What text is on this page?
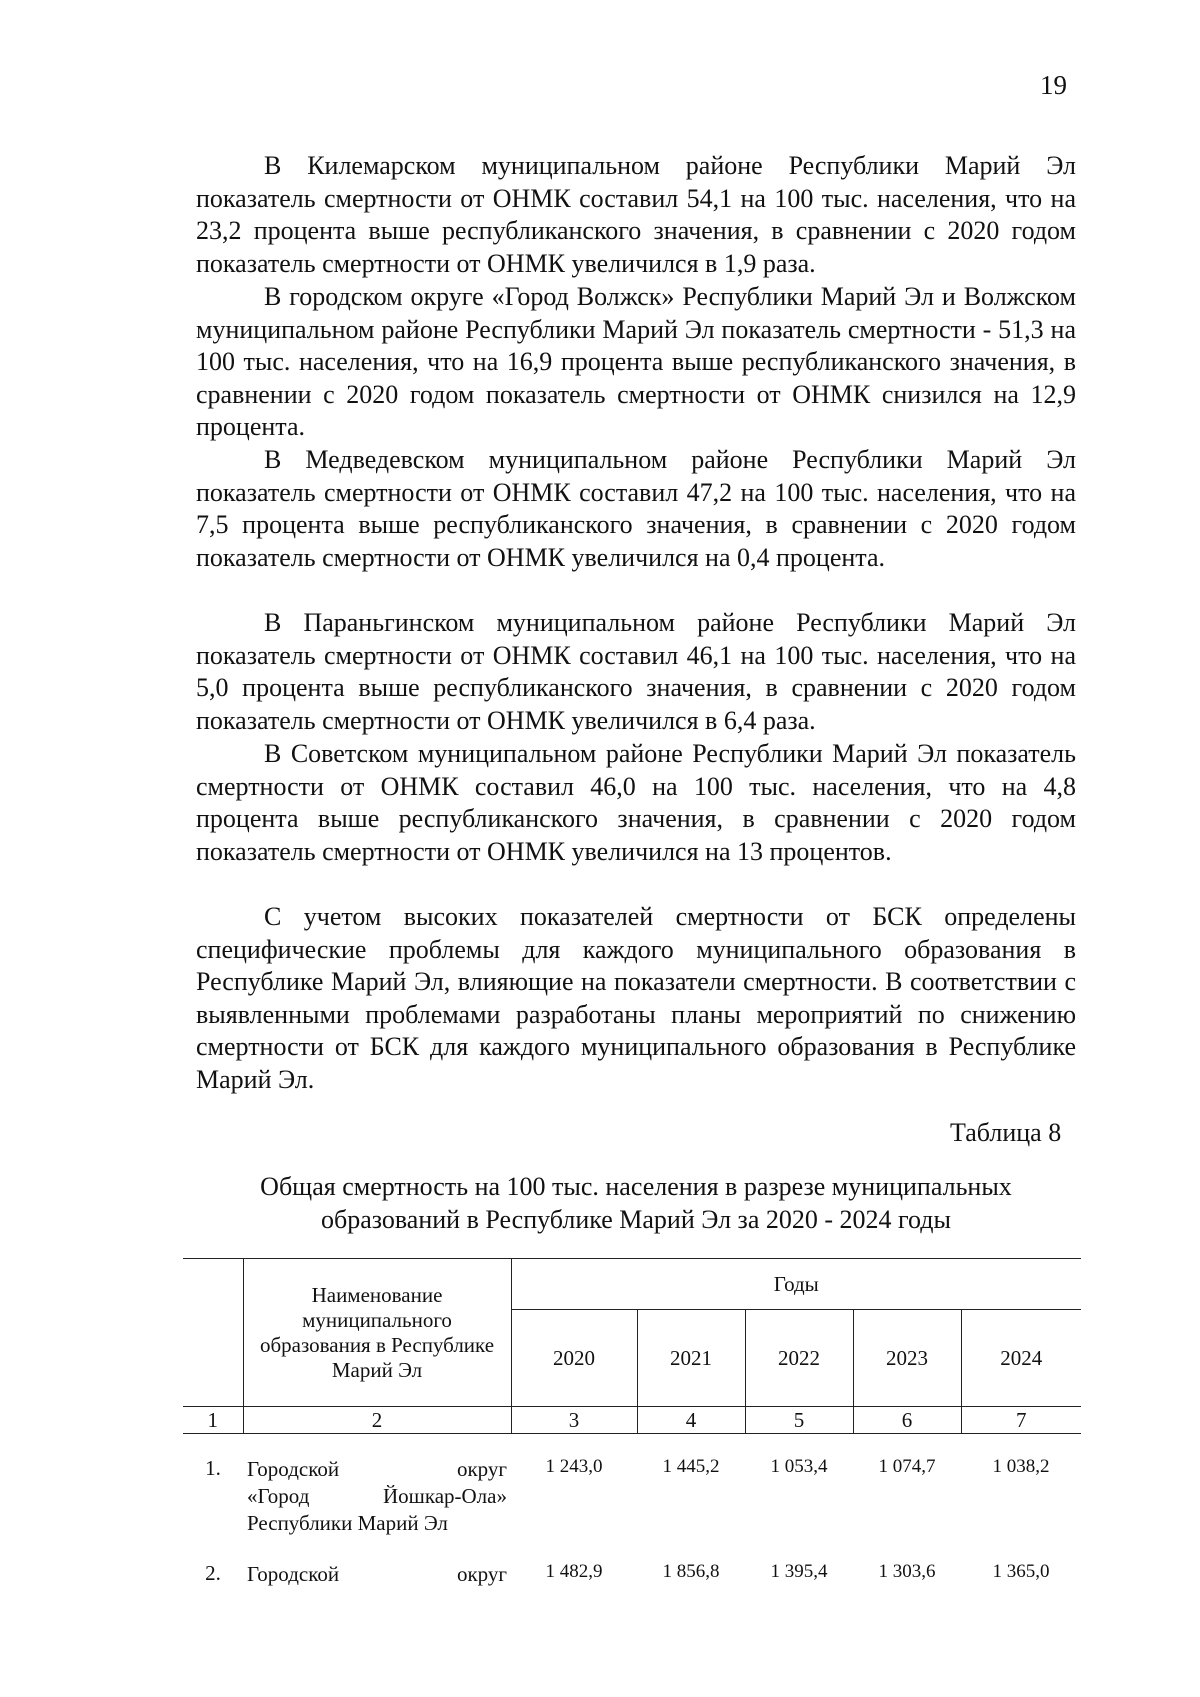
19

В Килемарском муниципальном районе Республики Марий Эл показатель смертности от ОНМК составил 54,1 на 100 тыс. населения, что на 23,2 процента выше республиканского значения, в сравнении с 2020 годом показатель смертности от ОНМК увеличился в 1,9 раза.

В городском округе «Город Волжск» Республики Марий Эл и Волжском муниципальном районе Республики Марий Эл показатель смертности - 51,3 на 100 тыс. населения, что на 16,9 процента выше республиканского значения, в сравнении с 2020 годом показатель смертности от ОНМК снизился на 12,9 процента.

В Медведевском муниципальном районе Республики Марий Эл показатель смертности от ОНМК составил 47,2 на 100 тыс. населения, что на 7,5 процента выше республиканского значения, в сравнении с 2020 годом показатель смертности от ОНМК увеличился на 0,4 процента.

В Параньгинском муниципальном районе Республики Марий Эл показатель смертности от ОНМК составил 46,1 на 100 тыс. населения, что на 5,0 процента выше республиканского значения, в сравнении с 2020 годом показатель смертности от ОНМК увеличился в 6,4 раза.

В Советском муниципальном районе Республики Марий Эл показатель смертности от ОНМК составил 46,0 на 100 тыс. населения, что на 4,8 процента выше республиканского значения, в сравнении с 2020 годом показатель смертности от ОНМК увеличился на 13 процентов.

С учетом высоких показателей смертности от БСК определены специфические проблемы для каждого муниципального образования в Республике Марий Эл, влияющие на показатели смертности. В соответствии с выявленными проблемами разработаны планы мероприятий по снижению смертности от БСК для каждого муниципального образования в Республике Марий Эл.

Таблица 8

Общая смертность на 100 тыс. населения в разрезе муниципальных образований в Республике Марий Эл за 2020 - 2024 годы

	Наименование муниципального образования в Республике Марий Эл	Годы				
		2020	2021	2022	2023	2024
1	2	3	4	5	6	7

1.	Городской округ
«Город Йошкар-Ола»
Республики Марий Эл	1 243,0	1 445,2	1 053,4	1 074,7	1 038,2

2.	Городской округ	1 482,9	1 856,8	1 395,4	1 303,6	1 365,0
